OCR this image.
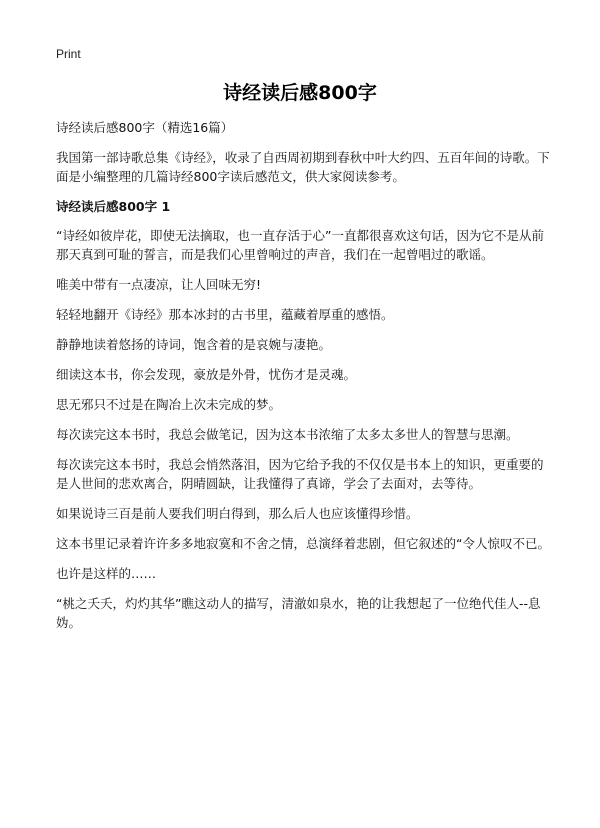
Print
诗经读后感800字

诗经读后感800字（精选16篇）

我国第一部诗歌总集《诗经》，收录了自西周初期到春秋中叶大约四、五百年间的诗歌。下面是小编整理的几篇诗经800字读后感范文，供大家阅读参考。

诗经读后感800字 1

“诗经如彼岸花，即使无法摘取，也一直存活于心”一直都很喜欢这句话，因为它不是从前那天真到可耻的誓言，而是我们心里曾响过的声音，我们在一起曾唱过的歌谣。

唯美中带有一点凄凉，让人回味无穷!

轻轻地翻开《诗经》那本冰封的古书里，蕴藏着厚重的感悟。

静静地读着悠扬的诗词，饱含着的是哀婉与凄艳。

细读这本书，你会发现，豪放是外骨，忧伤才是灵魂。

思无邪只不过是在陶冶上次未完成的梦。

每次读完这本书时，我总会做笔记，因为这本书浓缩了太多太多世人的智慧与思潮。

每次读完这本书时，我总会悄然落泪，因为它给予我的不仅仅是书本上的知识，更重要的是人世间的悲欢离合，阴晴圆缺，让我懂得了真谛，学会了去面对，去等待。

如果说诗三百是前人要我们明白得到，那么后人也应该懂得珍惜。

这本书里记录着许许多多地寂寞和不舍之情，总演绎着悲剧，但它叙述的“令人惊叹不已。

也许是这样的……

“桃之夭夭，灼灼其华”瞧这动人的描写，清澈如泉水，艳的让我想起了一位绝代佳人--息妫。
